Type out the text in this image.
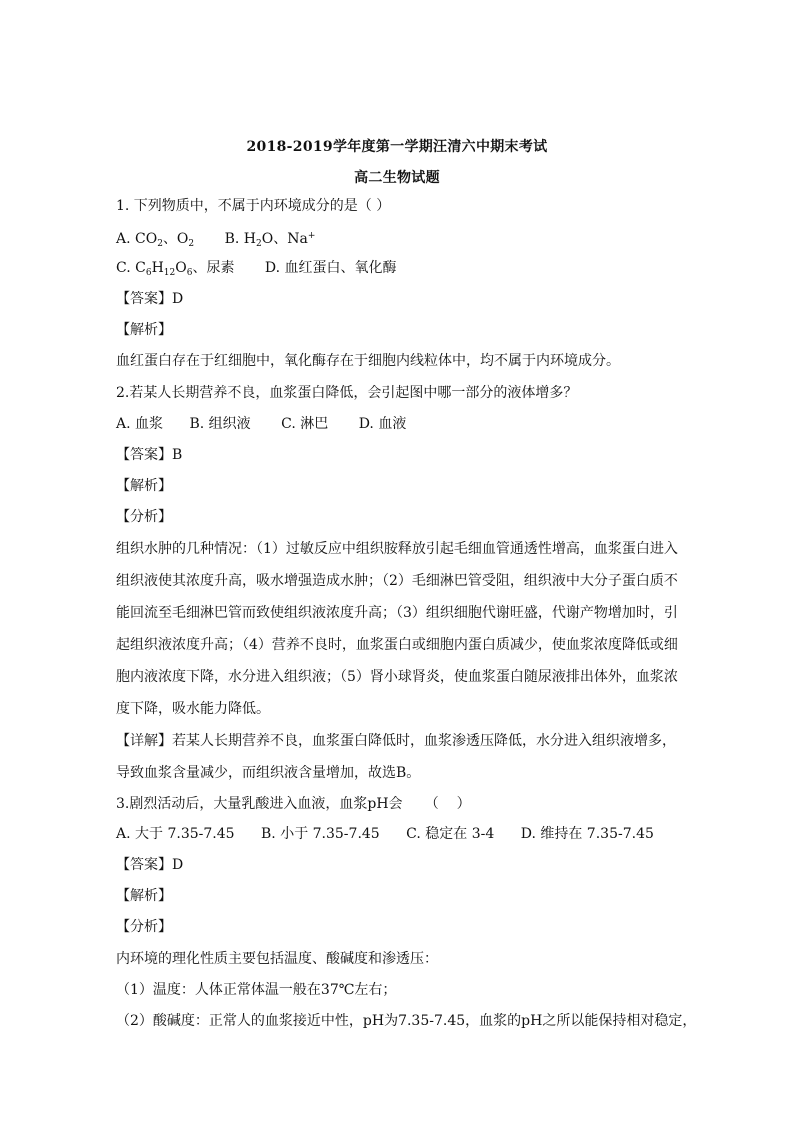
2018-2019学年度第一学期汪清六中期末考试
高二生物试题
1. 下列物质中，不属于内环境成分的是（ ）
A. $CO_2$、$O_2$ B. $H_2O$、Na+
C. $C_6H_{12}O_6$、尿素 D. 血红蛋白、氧化酶
【答案】D
【解析】
血红蛋白存在于红细胞中，氧化酶存在于细胞内线粒体中，均不属于内环境成分。
2.若某人长期营养不良，血浆蛋白降低，会引起图中哪一部分的液体增多？
A. 血浆 B. 组织液 C. 淋巴 D. 血液
【答案】B
【解析】
【分析】
组织水肿的几种情况：（1）过敏反应中组织胺释放引起毛细血管通透性增高，血浆蛋白进入
组织液使其浓度升高，吸水增强造成水肿；（2）毛细淋巴管受阻，组织液中大分子蛋白质不
能回流至毛细淋巴管而致使组织液浓度升高；（3）组织细胞代谢旺盛，代谢产物增加时，引
起组织液浓度升高；（4）营养不良时，血浆蛋白或细胞内蛋白质减少，使血浆浓度降低或细
胞内液浓度下降，水分进入组织液；（5）肾小球肾炎，使血浆蛋白随尿液排出体外，血浆浓
度下降，吸水能力降低。
【详解】若某人长期营养不良，血浆蛋白降低时，血浆渗透压降低，水分进入组织液增多，
导致血浆含量减少，而组织液含量增加，故选B。
3.剧烈活动后，大量乳酸进入血液，血浆pH会     （    ）
A. 大于 7.35-7.45 B. 小于 7.35-7.45 C. 稳定在 3-4 D. 维持在 7.35-7.45
【答案】D
【解析】
【分析】
内环境的理化性质主要包括温度、酸碱度和渗透压：
（1）温度：人体正常体温一般在37℃左右；
（2）酸碱度：正常人的血浆接近中性，pH为7.35-7.45，血浆的pH之所以能保持相对稳定，
